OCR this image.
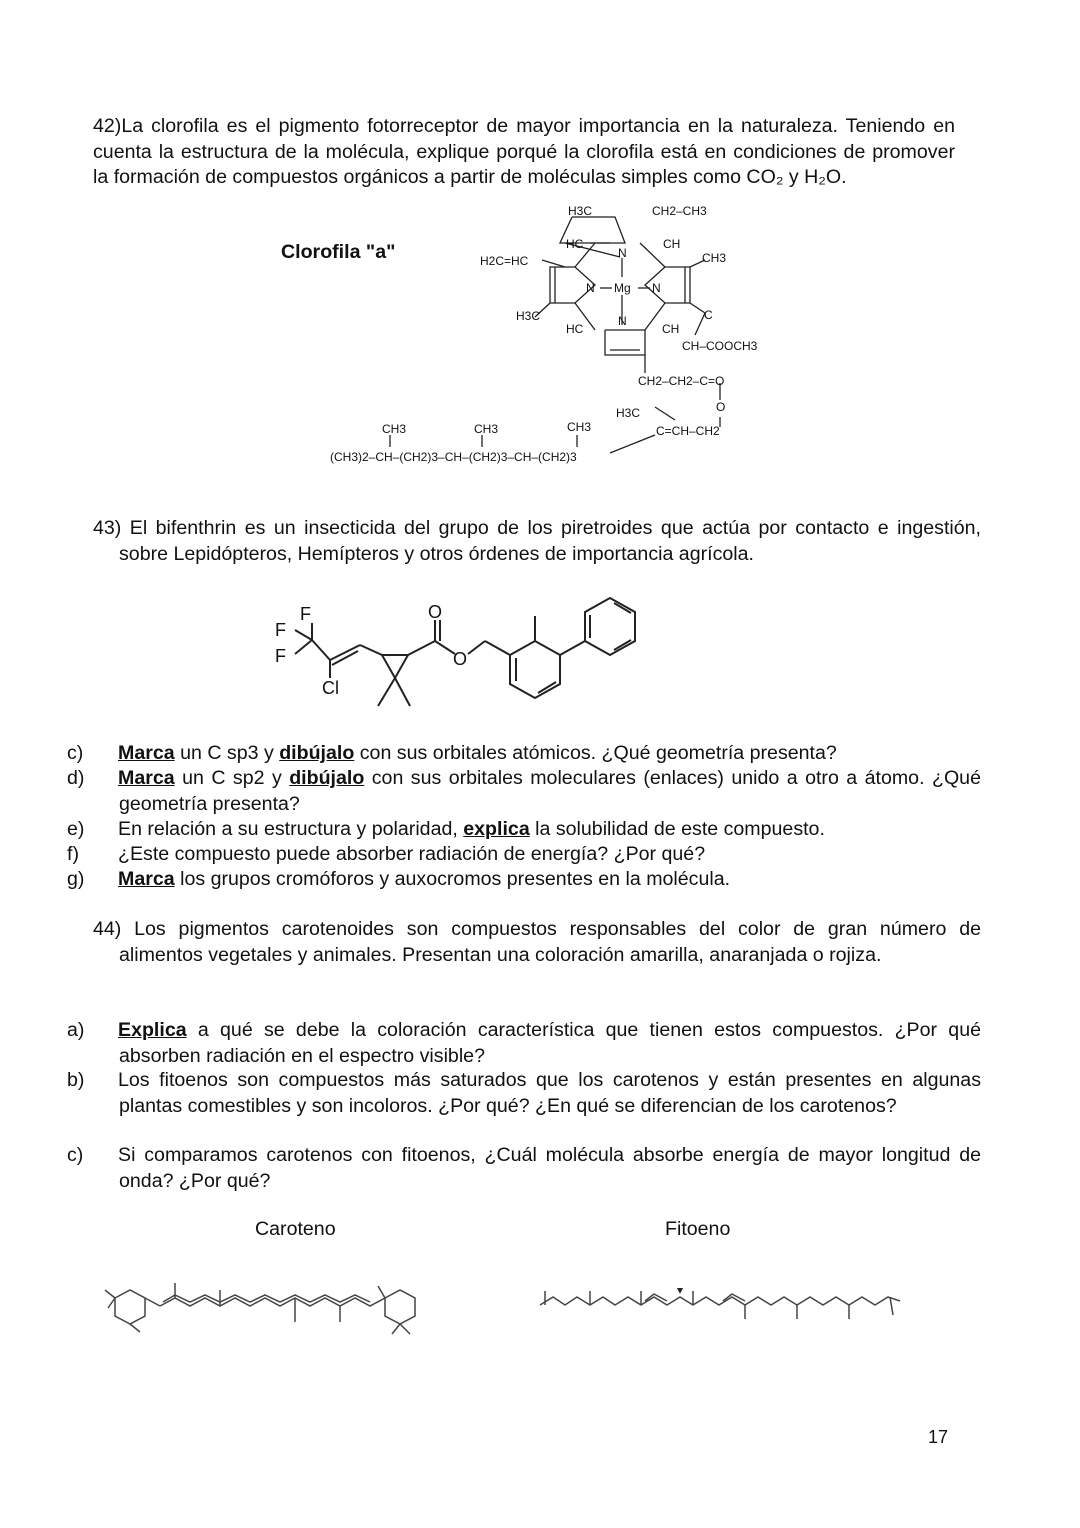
42)La clorofila es el pigmento fotorreceptor de mayor importancia en la naturaleza. Teniendo en cuenta la estructura de la molécula, explique porqué la clorofila está en condiciones de promover la formación de compuestos orgánicos a partir de moléculas simples como CO₂ y H₂O.

Clorofila "a"
H3C	CH2–CH3
HC	CH
H2C=HC
N	CH3
N Mg N
H3C	C
HC
N
CH
CH–COOCH3
CH2–CH2–C=O
O
H3C
C=CH–CH2
CH3	CH3	CH3
(CH3)2–CH–(CH2)3–CH–(CH2)3–CH–(CH2)3

43) El bifenthrin es un insecticida del grupo de los piretroides que actúa por contacto e ingestión, sobre Lepidópteros, Hemípteros y otros órdenes de importancia agrícola.

F
F
F
Cl
O
O

c) Marca un C sp3 y dibújalo con sus orbitales atómicos. ¿Qué geometría presenta?

d) Marca un C sp2 y dibújalo con sus orbitales moleculares (enlaces) unido a otro a átomo. ¿Qué geometría presenta?

e) En relación a su estructura y polaridad, explica la solubilidad de este compuesto.

f) ¿Este compuesto puede absorber radiación de energía? ¿Por qué?

g) Marca los grupos cromóforos y auxocromos presentes en la molécula.

44) Los pigmentos carotenoides son compuestos responsables del color de gran número de alimentos vegetales y animales. Presentan una coloración amarilla, anaranjada o rojiza.

a) Explica a qué se debe la coloración característica que tienen estos compuestos. ¿Por qué absorben radiación en el espectro visible?

b) Los fitoenos son compuestos más saturados que los carotenos y están presentes en algunas plantas comestibles y son incoloros. ¿Por qué? ¿En qué se diferencian de los carotenos?

c) Si comparamos carotenos con fitoenos, ¿Cuál molécula absorbe energía de mayor longitud de onda? ¿Por qué?

Caroteno	Fitoeno
17
